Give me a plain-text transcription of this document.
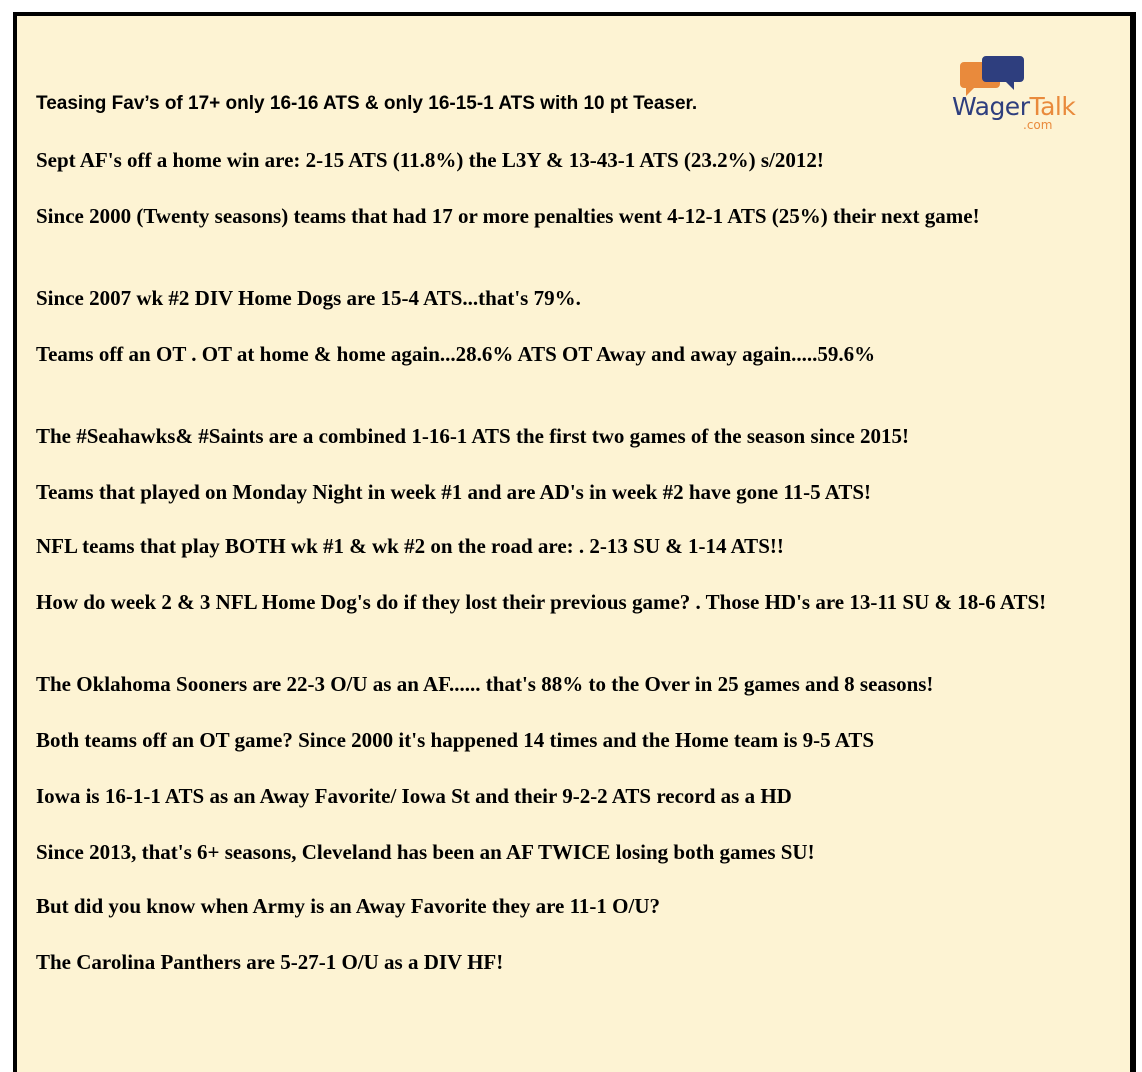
WagerTalk
.com

Teasing Fav’s of 17+ only 16-16 ATS & only 16-15-1 ATS with 10 pt Teaser.

Sept AF's off a home win are: 2-15 ATS (11.8%) the L3Y & 13-43-1 ATS (23.2%) s/2012!

Since 2000 (Twenty seasons) teams that had 17 or more penalties went 4-12-1 ATS (25%) their next game!

Since 2007 wk #2 DIV Home Dogs are 15-4 ATS...that's 79%.

Teams off an OT . OT at home & home again...28.6% ATS OT Away and away again.....59.6%

The #Seahawks& #Saints are a combined 1-16-1 ATS the first two games of the season since 2015!

Teams that played on Monday Night in week #1 and are AD's in week #2 have gone 11-5 ATS!

NFL teams that play BOTH wk #1 & wk #2 on the road are: . 2-13 SU & 1-14 ATS!!

How do week 2 & 3 NFL Home Dog's do if they lost their previous game? . Those HD's are 13-11 SU & 18-6 ATS!

The Oklahoma Sooners are 22-3 O/U as an AF...... that's 88% to the Over in 25 games and 8 seasons!

Both teams off an OT game? Since 2000 it's happened 14 times and the Home team is 9-5 ATS

Iowa is 16-1-1 ATS as an Away Favorite/ Iowa St and their 9-2-2 ATS record as a HD

Since 2013, that's 6+ seasons, Cleveland has been an AF TWICE losing both games SU!

But did you know when Army is an Away Favorite they are 11-1 O/U?

The Carolina Panthers are 5-27-1 O/U as a DIV HF!
